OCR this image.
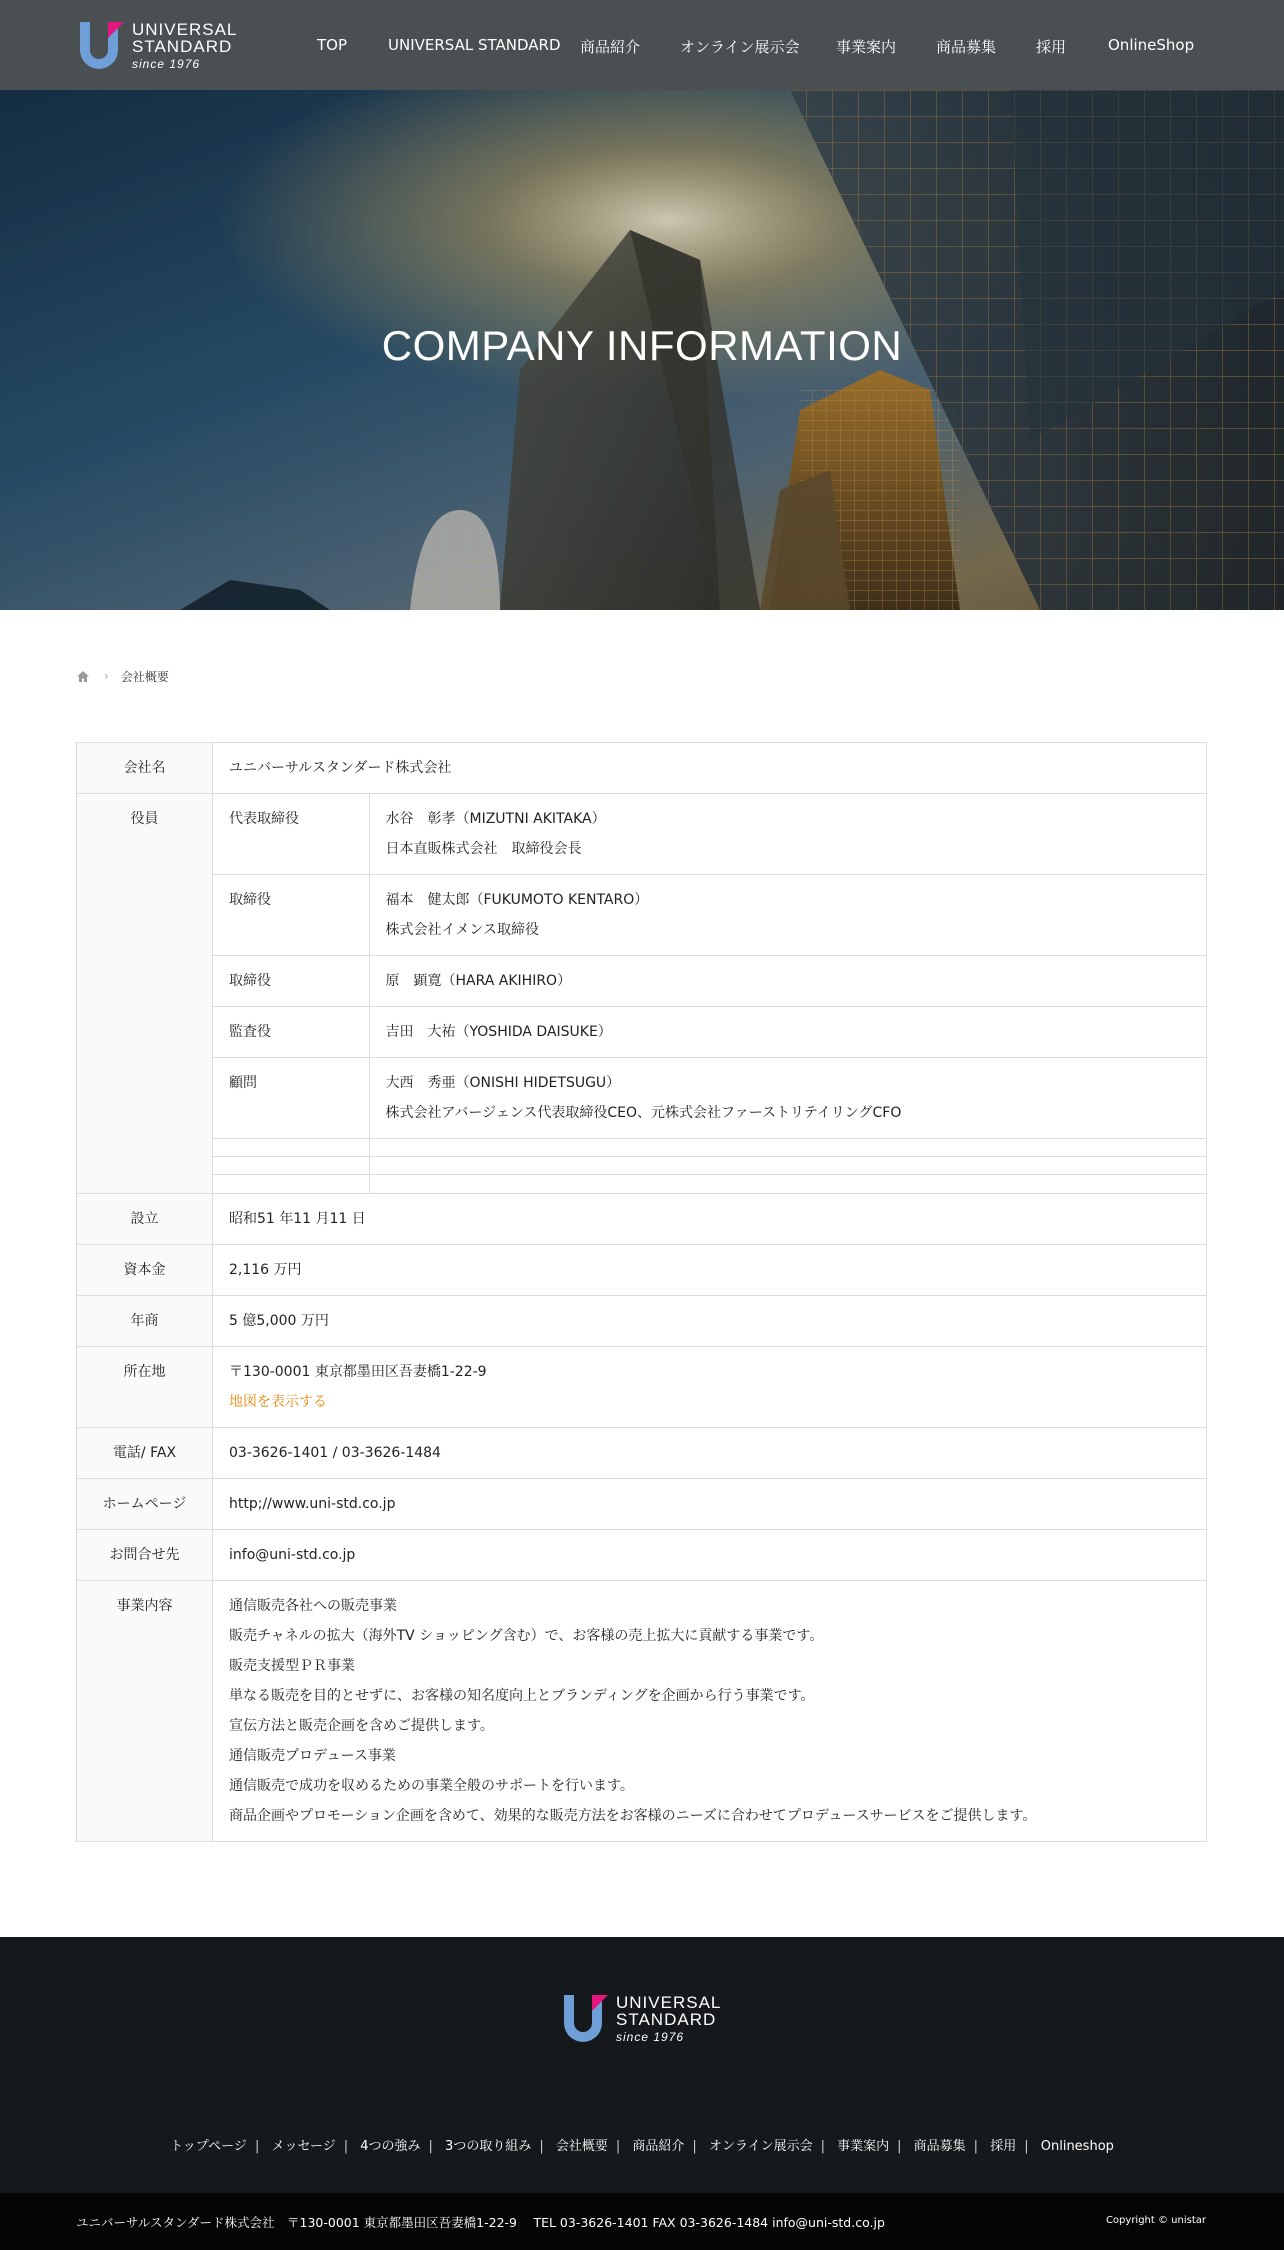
UNIVERSAL
STANDARD
since 1976
TOP	UNIVERSAL STANDARD 商品紹介	オンライン展示会 事業案内	商品募集	採用	OnlineShop
COMPANY INFORMATION
› 会社概要
会社名	ユニバーサルスタンダード株式会社
役員		代表取締役	水谷　彰孝（MIZUTNI AKITAKA）
日本直販株式会社　取締役会長

取締役	福本　健太郎（FUKUMOTO KENTARO）
株式会社イメンス取締役

取締役	原　顕寛（HARA AKIHIRO）

監査役	吉田　大祐（YOSHIDA DAISUKE）

顧問	大西　秀亜（ONISHI HIDETSUGU）
株式会社アバージェンス代表取締役CEO、元株式会社ファーストリテイリングCFO

設立	昭和51 年11 月11 日
資本金	2,116 万円
年商	5 億5,000 万円
所在地	〒130-0001 東京都墨田区吾妻橋1-22-9
地図を表示する

電話/ FAX	03-3626-1401 / 03-3626-1484
ホームページ	http;//www.uni-std.co.jp
お問合せ先	info@uni-std.co.jp
事業内容	通信販売各社への販売事業
販売チャネルの拡大（海外TV ショッピング含む）で、お客様の売上拡大に貢献する事業です。
販売支援型ＰＲ事業
単なる販売を目的とせずに、お客様の知名度向上とブランディングを企画から行う事業です。
宣伝方法と販売企画を含めご提供します。
通信販売プロデュース事業
通信販売で成功を収めるための事業全般のサポートを行います。
商品企画やプロモーション企画を含めて、効果的な販売方法をお客様のニーズに合わせてプロデュースサービスをご提供します。
UNIVERSAL
STANDARD
since 1976
トップページ | メッセージ | 4つの強み | 3つの取り組み | 会社概要 | 商品紹介 | オンライン展示会 | 事業案内 | 商品募集 | 採用 | Onlineshop
ユニバーサルスタンダード株式会社　〒130-0001 東京都墨田区吾妻橋1-22-9　 TEL 03-3626-1401 FAX 03-3626-1484 info@uni-std.co.jp	Copyright © unistar
